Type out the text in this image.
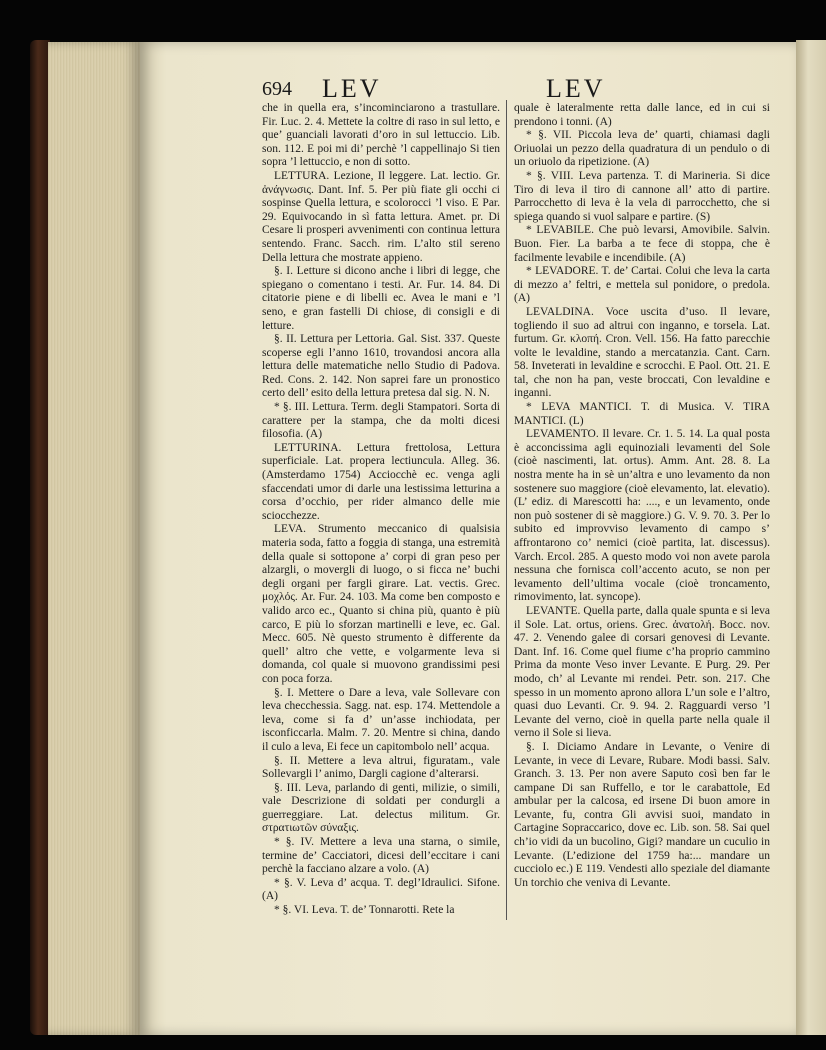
694 LEV	LEV

che in quella era, s’incominciarono a trastullare. Fir. Luc. 2. 4. Mettete la coltre di raso in sul letto, e que’ guanciali lavorati d’oro in sul lettuccio. Lib. son. 112. E poi mi di’ perchè ’l cappellinajo Si tien sopra ’l lettuccio, e non di sotto.

LETTURA. Lezione, Il leggere. Lat. lectio. Gr. ἀνάγνωσις. Dant. Inf. 5. Per più fiate gli occhi ci sospinse Quella lettura, e scolorocci ’l viso. E Par. 29. Equivocando in sì fatta lettura. Amet. pr. Di Cesare li prosperi avvenimenti con continua lettura sentendo. Franc. Sacch. rim. L’alto stil sereno Della lettura che mostrate appieno.

§. I. Letture si dicono anche i libri di legge, che spiegano o comentano i testi. Ar. Fur. 14. 84. Di citatorie piene e di libelli ec. Avea le mani e ’l seno, e gran fastelli Di chiose, di consigli e di letture.

§. II. Lettura per Lettoria. Gal. Sist. 337. Queste scoperse egli l’anno 1610, trovandosi ancora alla lettura delle matematiche nello Studio di Padova. Red. Cons. 2. 142. Non saprei fare un pronostico certo dell’ esito della lettura pretesa dal sig. N. N.

* §. III. Lettura. Term. degli Stampatori. Sorta di carattere per la stampa, che da molti dicesi filosofia. (A)

LETTURINA. Lettura frettolosa, Lettura superficiale. Lat. propera lectiuncula. Alleg. 36. (Amsterdamo 1754) Acciocchè ec. venga agli sfaccendati umor di darle una lestissima letturina a corsa d’occhio, per rider almanco delle mie sciocchezze.

LEVA. Strumento meccanico di qualsisia materia soda, fatto a foggia di stanga, una estremità della quale si sottopone a’ corpi di gran peso per alzargli, o movergli di luogo, o si ficca ne’ buchi degli organi per fargli girare. Lat. vectis. Grec. μοχλός. Ar. Fur. 24. 103. Ma come ben composto e valido arco ec., Quanto si china più, quanto è più carco, E più lo sforzan martinelli e leve, ec. Gal. Mecc. 605. Nè questo strumento è differente da quell’ altro che vette, e volgarmente leva si domanda, col quale si muovono grandissimi pesi con poca forza.

§. I. Mettere o Dare a leva, vale Sollevare con leva checchessia. Sagg. nat. esp. 174. Mettendole a leva, come si fa d’ un’asse inchiodata, per isconficcarla. Malm. 7. 20. Mentre si china, dando il culo a leva, Ei fece un capitombolo nell’ acqua.

§. II. Mettere a leva altrui, figuratam., vale Sollevargli l’ animo, Dargli cagione d’alterarsi.

§. III. Leva, parlando di genti, milizie, o simili, vale Descrizione di soldati per condurgli a guerreggiare. Lat. delectus militum. Gr. στρατιωτῶν σύναξις.

* §. IV. Mettere a leva una starna, o simile, termine de’ Cacciatori, dicesi dell’eccitare i cani perchè la facciano alzare a volo. (A)

* §. V. Leva d’ acqua. T. degl’Idraulici. Sifone. (A)

* §. VI. Leva. T. de’ Tonnarotti. Rete la

quale è lateralmente retta dalle lance, ed in cui si prendono i tonni. (A)

* §. VII. Piccola leva de’ quarti, chiamasi dagli Oriuolai un pezzo della quadratura di un pendulo o di un oriuolo da ripetizione. (A)

* §. VIII. Leva partenza. T. di Marineria. Si dice Tiro di leva il tiro di cannone all’ atto di partire. Parrocchetto di leva è la vela di parrocchetto, che si spiega quando si vuol salpare e partire. (S)

* LEVABILE. Che può levarsi, Amovibile. Salvin. Buon. Fier. La barba a te fece di stoppa, che è facilmente levabile e incendibile. (A)

* LEVADORE. T. de’ Cartai. Colui che leva la carta di mezzo a’ feltri, e mettela sul ponidore, o predola. (A)

LEVALDINA. Voce uscita d’uso. Il levare, togliendo il suo ad altrui con inganno, e torsela. Lat. furtum. Gr. κλοπή. Cron. Vell. 156. Ha fatto parecchie volte le levaldine, standо a mercatanzia. Cant. Carn. 58. Inveterati in levaldine e scrocchi. E Paol. Ott. 21. E tal, che non ha pan, veste broccati, Con levaldine e inganni.

* LEVA MANTICI. T. di Musica. V. TIRA MANTICI. (L)

LEVAMENTO. Il levare. Cr. 1. 5. 14. La qual posta è acconcissima agli equinoziali levamenti del Sole (cioè nascimenti, lat. ortus). Amm. Ant. 28. 8. La nostra mente ha in sè un’altra e uno levamento da non sostenere suo maggiore (cioè elevamento, lat. elevatio). (L’ ediz. di Marescotti ha: ...., e un levamento, onde non può sostener di sè maggiore.) G. V. 9. 70. 3. Per lo subito ed improvviso levamento di campo s’ affrontarono co’ nemici (cioè partita, lat. discessus). Varch. Ercol. 285. A questo modo voi non avete parola nessuna che fornisca coll’accento acuto, se non per levamento dell’ultima vocale (cioè troncamento, rimovimento, lat. syncope).

LEVANTE. Quella parte, dalla quale spunta e si leva il Sole. Lat. ortus, oriens. Grec. ἀνατολή. Bocc. nov. 47. 2. Venendo galee di corsari genovesi di Levante. Dant. Inf. 16. Come quel fiume c’ha proprio cammino Prima da monte Veso inver Levante. E Purg. 29. Per modo, ch’ al Levante mi rendei. Petr. son. 217. Che spesso in un momento aprono allora L’un sole e l’altro, quasi duo Levanti. Cr. 9. 94. 2. Ragguardi verso ’l Levante del verno, cioè in quella parte nella quale il verno il Sole si lieva.

§. I. Diciamo Andare in Levante, o Venire di Levante, in vece di Levare, Rubare. Modi bassi. Salv. Granch. 3. 13. Per non avere Saputo così ben far le campane Di san Ruffello, e tor le carabattole, Ed ambular per la calcosa, ed irsene Di buon amore in Levante, fu, contra Gli avvisi suoi, mandato in Cartagine Sopraccarico, dove ec. Lib. son. 58. Sai quel ch’io vidi da un bucolino, Gigi? mandare un cuculio in Levante. (L’edizione del 1759 ha:... mandare un cucciolo ec.) E 119. Vendesti allo speziale del diamante Un torchio che veniva di Levante.
